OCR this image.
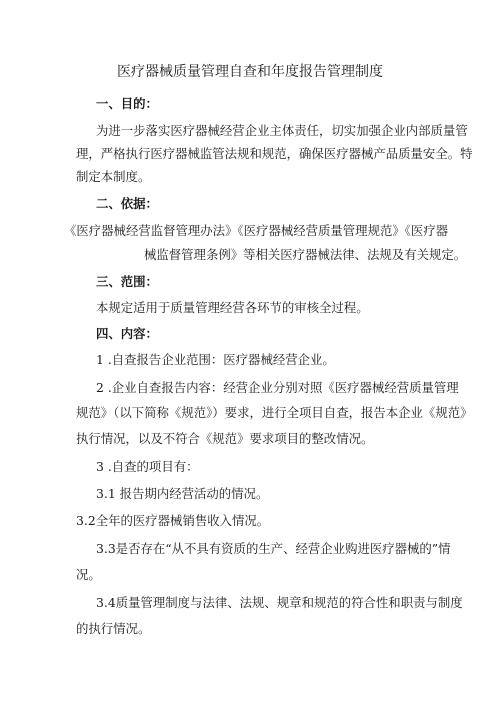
医疗器械质量管理自查和年度报告管理制度
一、目的：
为进一步落实医疗器械经营企业主体责任，切实加强企业内部质量管
理，严格执行医疗器械监管法规和规范，确保医疗器械产品质量安全。特
制定本制度。
二、依据：
《医疗器械经营监督管理办法》《医疗器械经营质量管理规范》《医疗器
械监督管理条例》等相关医疗器械法律、法规及有关规定。
三、范围：
本规定适用于质量管理经营各环节的审核全过程。
四、内容：
1 .自查报告企业范围：医疗器械经营企业。
2 .企业自查报告内容：经营企业分别对照《医疗器械经营质量管理
规范》（以下简称《规范》）要求，进行全项目自查，报告本企业《规范》
执行情况，以及不符合《规范》要求项目的整改情况。
3 .自查的项目有：
3.1 报告期内经营活动的情况。
3.2全年的医疗器械销售收入情况。
3.3是否存在“从不具有资质的生产、经营企业购进医疗器械的”情
况。
3.4质量管理制度与法律、法规、规章和规范的符合性和职责与制度
的执行情况。
